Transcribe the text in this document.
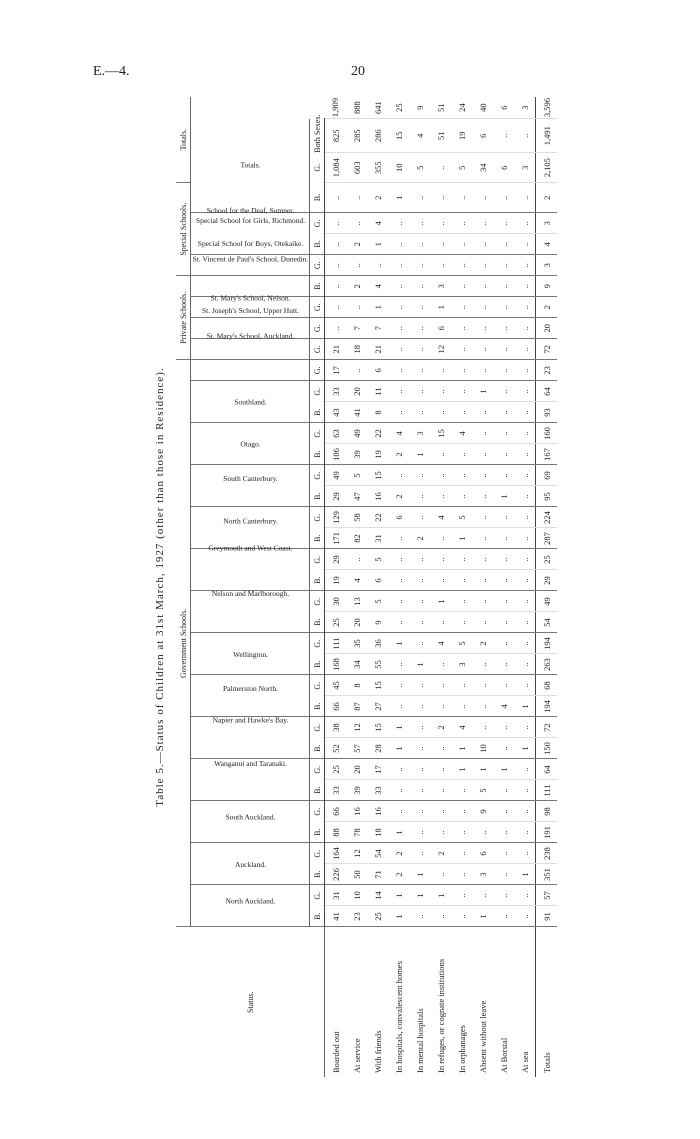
E.—4.	20
Table 5.—Status of Children at 31st March, 1927 (other than those in Residence).
Status.	Government Schools.																											Private Schools.				Special Schools.				Totals.		
	North Auckland.		Auckland.		South Auckland.		Wanganui and Taranaki.		Napier and Hawke's Bay.		Palmerston North.		Wellington.		Nelson and Marlborough.		Greymouth and West Coast.		North Canterbury.		South Canterbury.		Otago.		Southland.		St. Mary's School, Auckland.	St. Joseph's School, Upper Hutt.	St. Mary's School, Nelson.	St. Vincent de Paul's School, Dunedin.	Special School for Boys, Otekaike.	Special School for Girls, Richmond.	School for the Deaf, Sumner.		Totals.			
	B.	G.	B.	G.	B.	G.	B.	G.	B.	G.	B.	G.	B.	G.	B.	G.	B.	G.	B.	G.	B.	G.	B.	G.	B.	G.	G.	G.	G.	G.	B.	G.	B.	G.	B.	G.	Both Sexes.	
Boarded out	41	31	226	164	88	66	33	25	52	38	66	45	168	111	25	30	19	29	171	129	29	49	106	63	43	33	17	21	..	..	..	..	..	..	..	1,084	825	1,909
At service	23	10	50	12	78	16	39	20	57	12	87	8	34	35	20	13	4	..	82	58	47	5	39	49	41	20	..	18	7	..	2	..	2	..	..	603	285	888
With friends	25	14	71	54	18	16	33	17	28	15	27	15	55	36	9	5	6	5	31	22	16	15	19	22	8	11	6	21	7	1	4	..	1	4	2	355	286	641
In hospitals, convalescent homes	1	1	2	2	1	..	..	..	1	1	..	..	..	1	..	..	..	..	..	6	2	..	2	4	..	..	..	..	..	..	..	..	..	..	1	10	15	25
In mental hospitals	..	1	1	..	..	..	..	..	..	..	..	..	1	..	..	..	..	..	2	..	..	..	1	3	..	..	..	..	..	..	..	..	..	..	..	5	4	9
In refuges, or cognate institutions	..	1	..	2	..	..	..	..	..	2	..	..	..	4	..	1	..	..	..	4	..	..	..	15	..	..	..	12	6	1	3	..	..	..	..	..	51	51
In orphanages	..	..	..	..	..	..	..	1	1	4	..	..	3	5	..	..	..	..	1	5	..	..	..	4	..	..	..	..	..	..	..	..	..	..	..	5	19	24
Absent without leave	1	..	3	6	..	9	5	1	10	..	..	..	..	2	..	..	..	..	..	..	..	..	..	..	..	1	..	..	..	..	..	..	..	..	..	34	6	40
At Borstal	..	..	..	..	..	..	..	1	..	..	4	..	..	..	..	..	..	..	..	..	1	..	..	..	..	..	..	..	..	..	..	..	..	..	..	6	..	6
At sea	..	..	1	..	..	..	..	..	1	..	1	..	..	..	..	..	..	..	..	..	..	..	..	..	..	..	..	..	..	..	..	..	..	..	..	3	..	3
Totals	91	57	351	238	191	98	111	64	150	72	194	68	263	194	54	49	29	25	287	224	95	69	167	160	93	64	23	72	20	2	9	3	4	3	2	2,105	1,491	3,596
